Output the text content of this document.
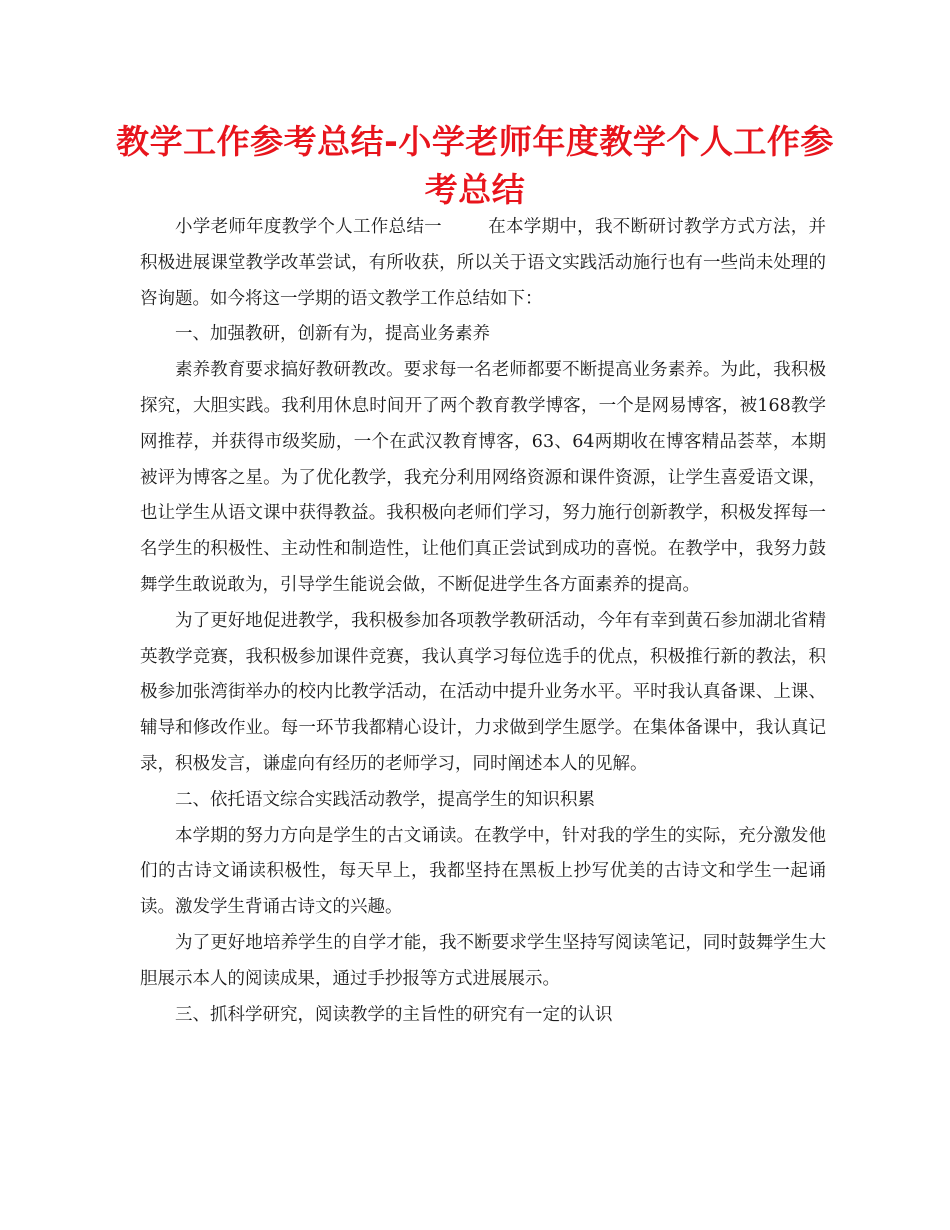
教学工作参考总结-小学老师年度教学个人工作参考总结

小学老师年度教学个人工作总结一	在本学期中，我不断研讨教学方式方法，并积极进展课堂教学改革尝试，有所收获，所以关于语文实践活动施行也有一些尚未处理的咨询题。如今将这一学期的语文教学工作总结如下：

一、加强教研，创新有为，提高业务素养

素养教育要求搞好教研教改。要求每一名老师都要不断提高业务素养。为此，我积极探究，大胆实践。我利用休息时间开了两个教育教学博客，一个是网易博客，被168教学网推荐，并获得市级奖励，一个在武汉教育博客，63、64两期收在博客精品荟萃，本期被评为博客之星。为了优化教学，我充分利用网络资源和课件资源，让学生喜爱语文课，也让学生从语文课中获得教益。我积极向老师们学习，努力施行创新教学，积极发挥每一名学生的积极性、主动性和制造性，让他们真正尝试到成功的喜悦。在教学中，我努力鼓舞学生敢说敢为，引导学生能说会做，不断促进学生各方面素养的提高。

为了更好地促进教学，我积极参加各项教学教研活动，今年有幸到黄石参加湖北省精英教学竞赛，我积极参加课件竞赛，我认真学习每位选手的优点，积极推行新的教法，积极参加张湾街举办的校内比教学活动，在活动中提升业务水平。平时我认真备课、上课、辅导和修改作业。每一环节我都精心设计，力求做到学生愿学。在集体备课中，我认真记录，积极发言，谦虚向有经历的老师学习，同时阐述本人的见解。

二、依托语文综合实践活动教学，提高学生的知识积累

本学期的努力方向是学生的古文诵读。在教学中，针对我的学生的实际，充分激发他们的古诗文诵读积极性，每天早上，我都坚持在黑板上抄写优美的古诗文和学生一起诵读。激发学生背诵古诗文的兴趣。

为了更好地培养学生的自学才能，我不断要求学生坚持写阅读笔记，同时鼓舞学生大胆展示本人的阅读成果，通过手抄报等方式进展展示。

三、抓科学研究，阅读教学的主旨性的研究有一定的认识
